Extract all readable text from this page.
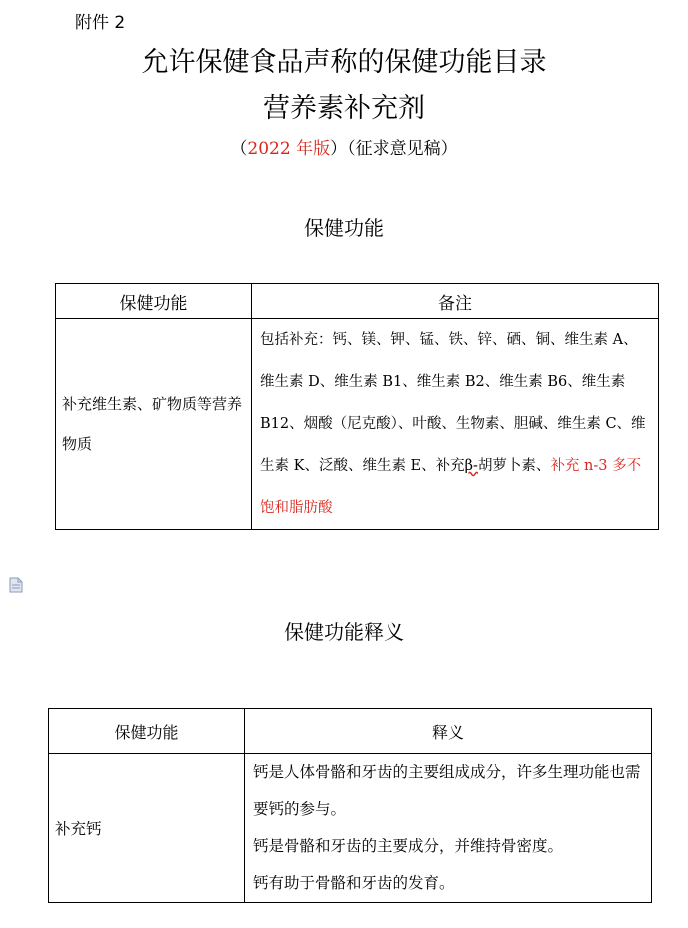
附件 2
允许保健食品声称的保健功能目录
营养素补充剂
（2022 年版）（征求意见稿）
保健功能
保健功能	备注
补充维生素、矿物质等营养物质	包括补充：钙、镁、钾、锰、铁、锌、硒、铜、维生素 A、维生素 D、维生素 B1、维生素 B2、维生素 B6、维生素 B12、烟酸（尼克酸）、叶酸、生物素、胆碱、维生素 C、维生素 K、泛酸、维生素 E、补充β-胡萝卜素、补充 n-3 多不饱和脂肪酸
保健功能释义
保健功能	释义
补充钙	钙是人体骨骼和牙齿的主要组成成分，许多生理功能也需要钙的参与。
钙是骨骼和牙齿的主要成分，并维持骨密度。
钙有助于骨骼和牙齿的发育。
